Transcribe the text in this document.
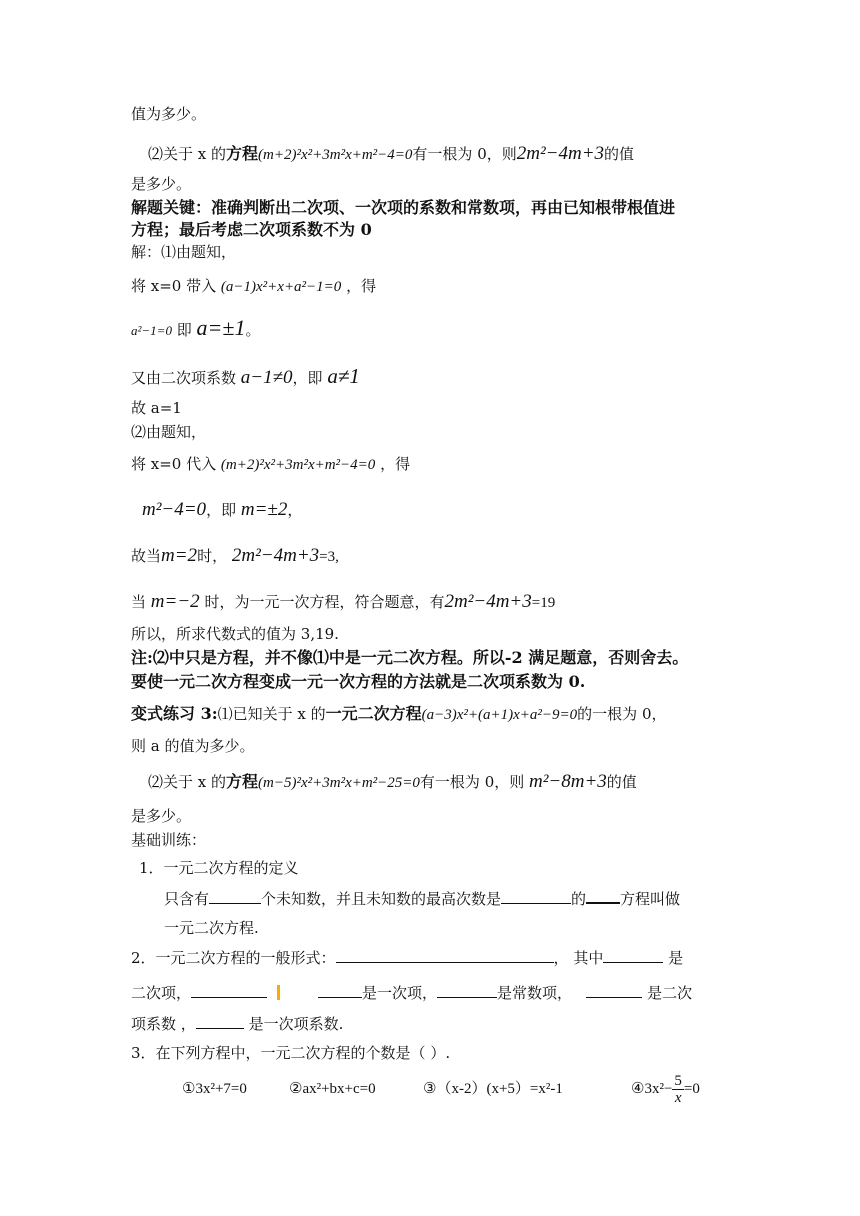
值为多少。
⑵关于 x 的方程(m+2)²x²+3m²x+m²−4=0有一根为 0，则2m²−4m+3的值
是多少。
解题关键：准确判断出二次项、一次项的系数和常数项，再由已知根带根值进
方程；最后考虑二次项系数不为 0
解：⑴由题知，
将 x=0 带入 (a−1)x²+x+a²−1=0 ，得
a²−1=0 即 a=±1。
又由二次项系数 a−1≠0，即 a≠1
故 a=1
⑵由题知，
将 x=0 代入 (m+2)²x²+3m²x+m²−4=0 ，得
m²−4=0，即 m=±2，
故当m=2时， 2m²−4m+3=3,
当 m=−2 时，为一元一次方程，符合题意，有2m²−4m+3=19
所以，所求代数式的值为 3,19.
注:⑵中只是方程，并不像⑴中是一元二次方程。所以-2 满足题意，否则舍去。
要使一元二次方程变成一元一次方程的方法就是二次项系数为 0.
变式练习 3:⑴已知关于 x 的一元二次方程(a−3)x²+(a+1)x+a²−9=0的一根为 0，
则 a 的值为多少。
⑵关于 x 的方程(m−5)²x²+3m²x+m²−25=0有一根为 0，则 m²−8m+3的值
是多少。
基础训练：
1．一元二次方程的定义
只含有	个未知数，并且未知数的最高次数是	的 方程叫做
一元二次方程.
2．一元二次方程的一般形式：	， 其中	是
二次项，	是一次项，	是常数项，	是二次
项系数 ，	是一次项系数.
3．在下列方程中，一元二次方程的个数是（ ）.
①3x²+7=0	②ax²+bx+c=0	③（x-2）(x+5）=x²-1	④3x²− $\frac{5}{x} =0$
